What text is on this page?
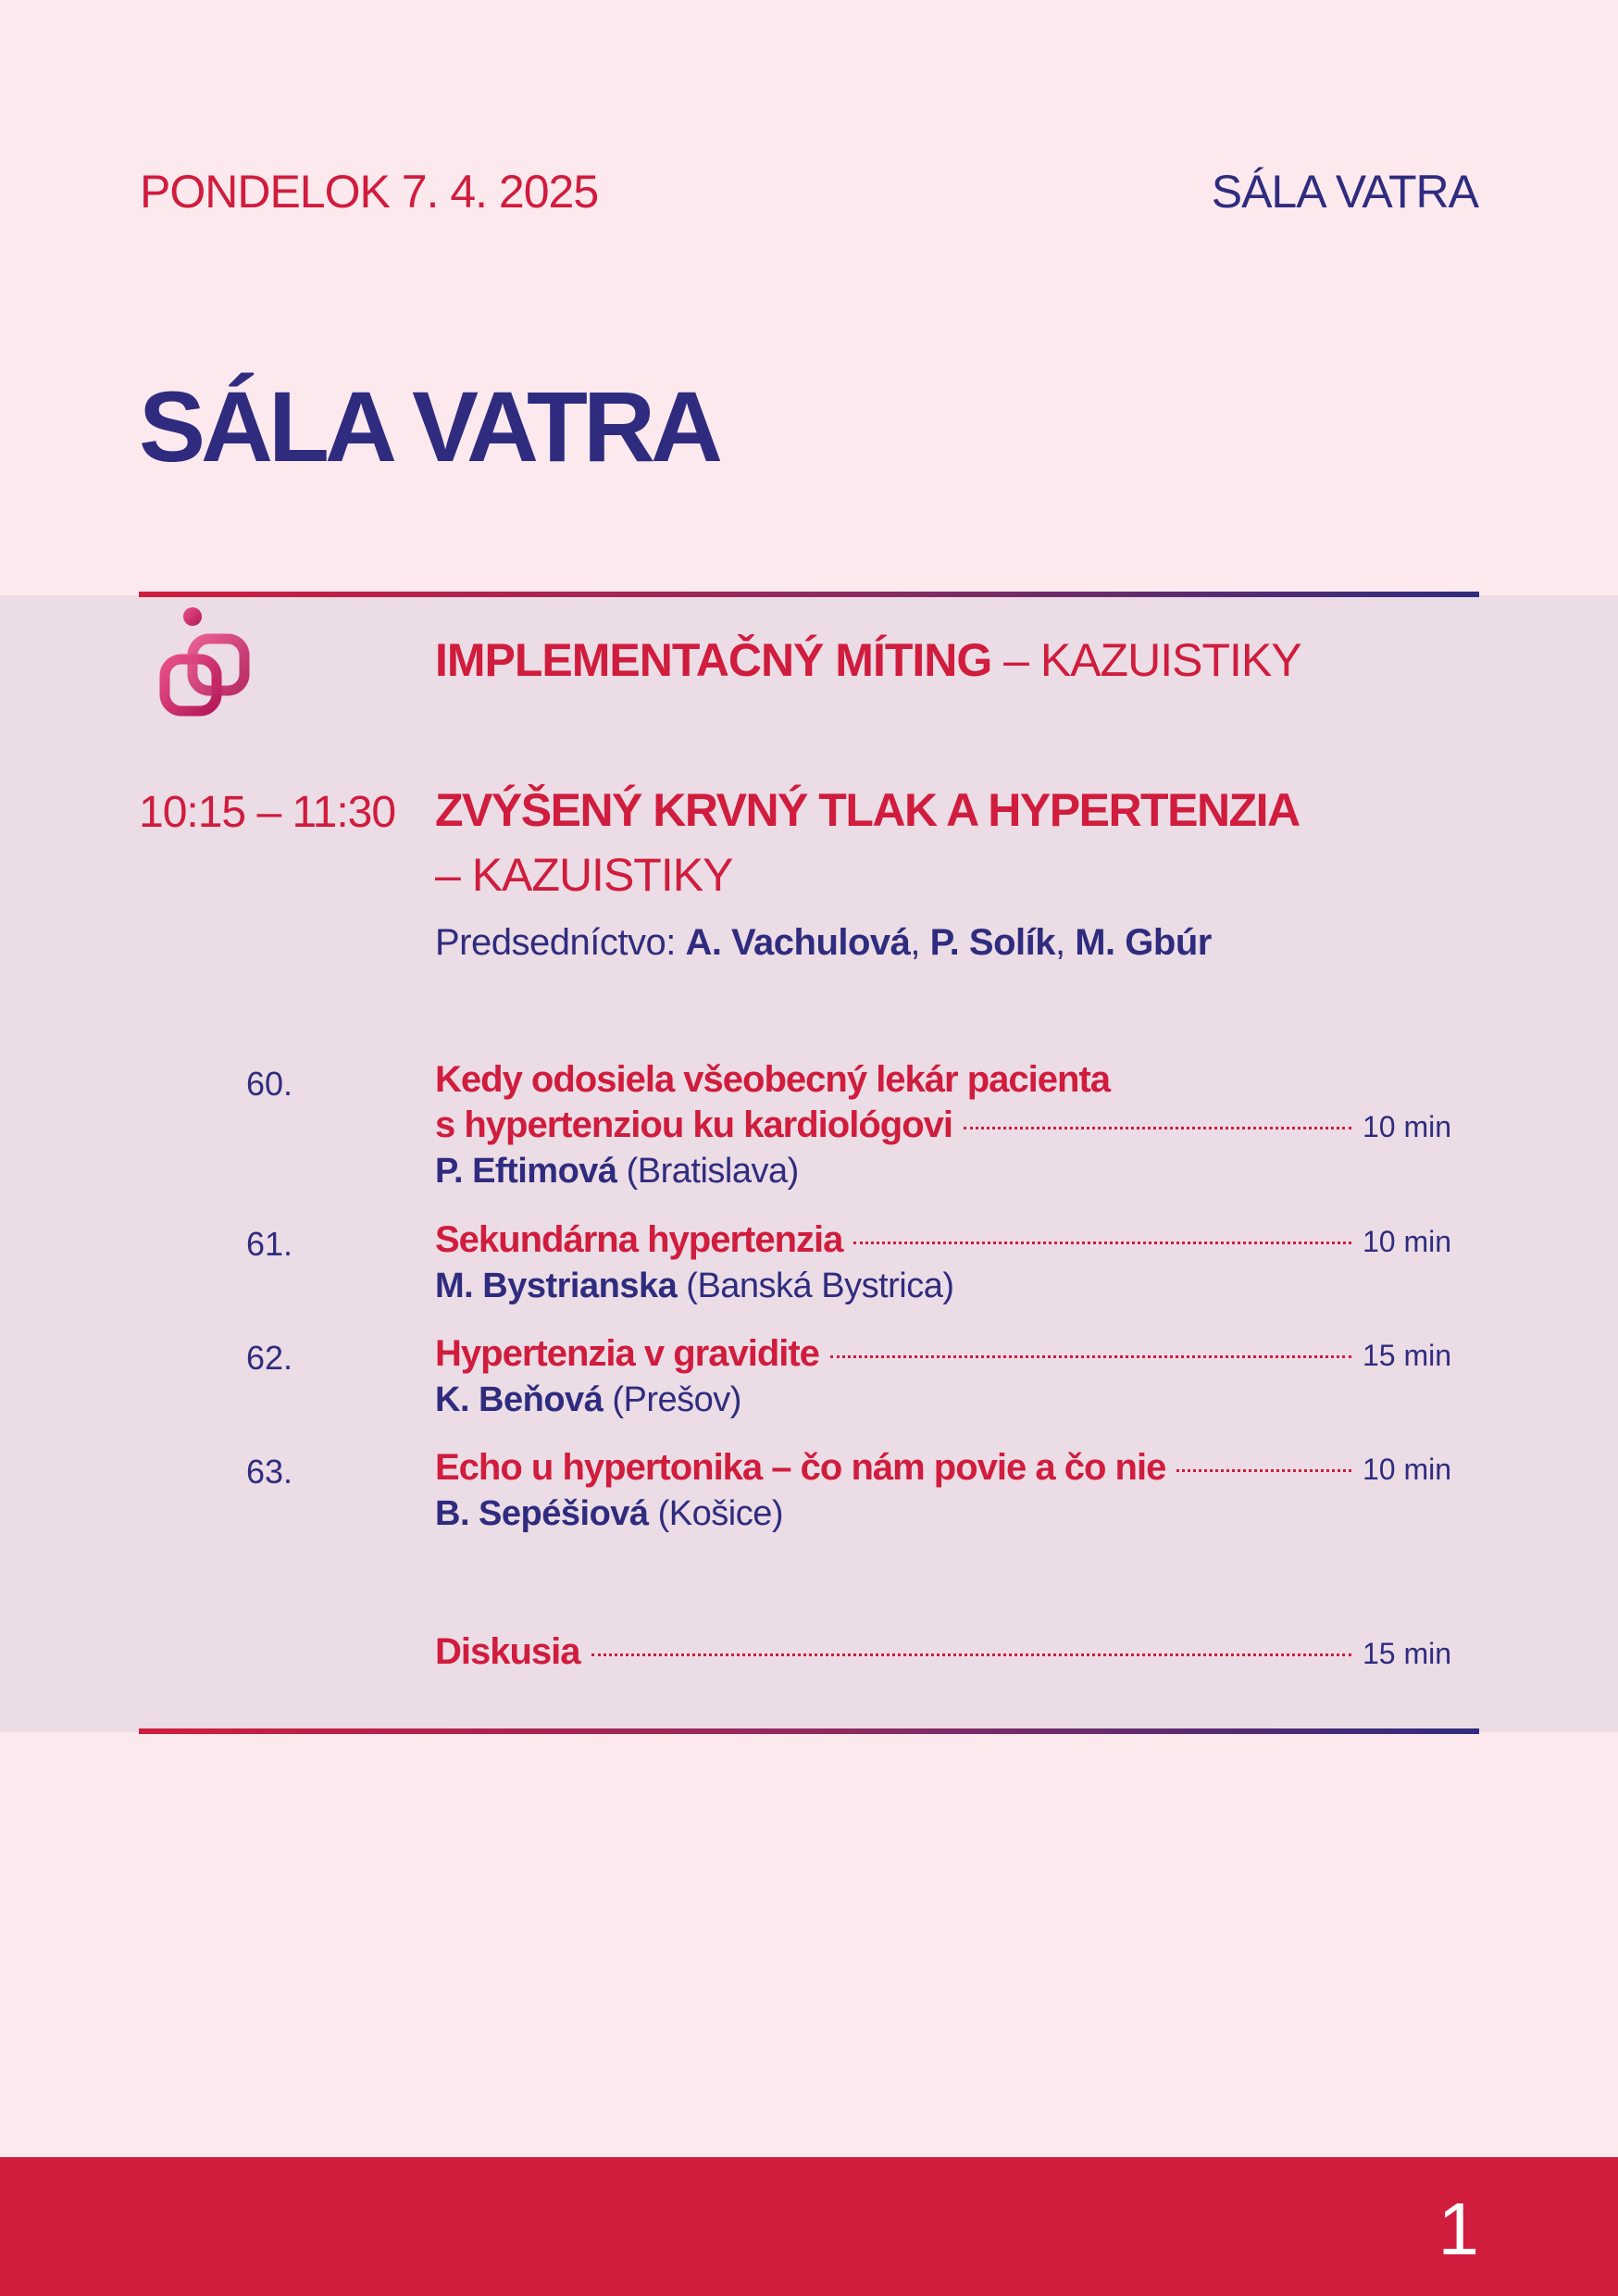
PONDELOK 7. 4. 2025	SÁLA VATRA
SÁLA VATRA
IMPLEMENTAČNÝ MÍTING – KAZUISTIKY
10:15 – 11:30 ZVÝŠENÝ KRVNÝ TLAK A HYPERTENZIA
– KAZUISTIKY
Predsedníctvo: A. Vachulová, P. Solík, M. Gbúr
60.	Kedy odosiela všeobecný lekár pacienta
s hypertenziou ku kardiológovi	10 min
P. Eftimová (Bratislava)
61.	Sekundárna hypertenzia	10 min
M. Bystrianska (Banská Bystrica)
62.	Hypertenzia v gravidite	15 min
K. Beňová (Prešov)
63.	Echo u hypertonika – čo nám povie a čo nie	10 min
B. Sepéšiová (Košice)
Diskusia	15 min
1
